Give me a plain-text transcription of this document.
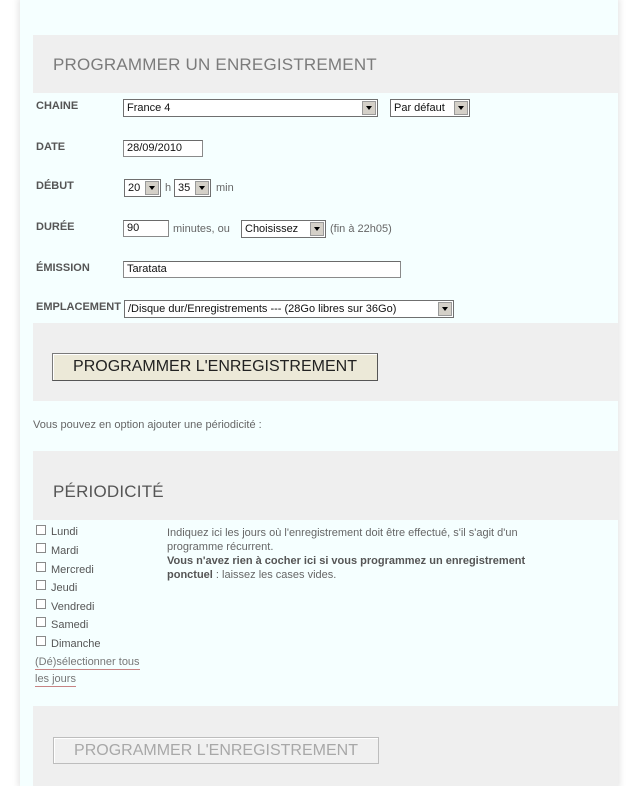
PROGRAMMER UN ENREGISTREMENT
CHAINE	France 4	Par défaut
DATE	28/09/2010
DÉBUT	20	h 35	min
DURÉE	90	minutes, ou	Choisissez	(fin à 22h05)
ÉMISSION	Taratata
EMPLACEMENT /Disque dur/Enregistrements --- (28Go libres sur 36Go)
PROGRAMMER L'ENREGISTREMENT
Vous pouvez en option ajouter une périodicité :
PÉRIODICITÉ
Lundi
Mardi
Mercredi
Jeudi
Vendredi
Samedi
Dimanche
(Dé)sélectionner tous
les jours
Indiquez ici les jours où l'enregistrement doit être effectué, s'il s'agit d'un
programme récurrent.
Vous n'avez rien à cocher ici si vous programmez un enregistrement
ponctuel : laissez les cases vides.
PROGRAMMER L'ENREGISTREMENT
